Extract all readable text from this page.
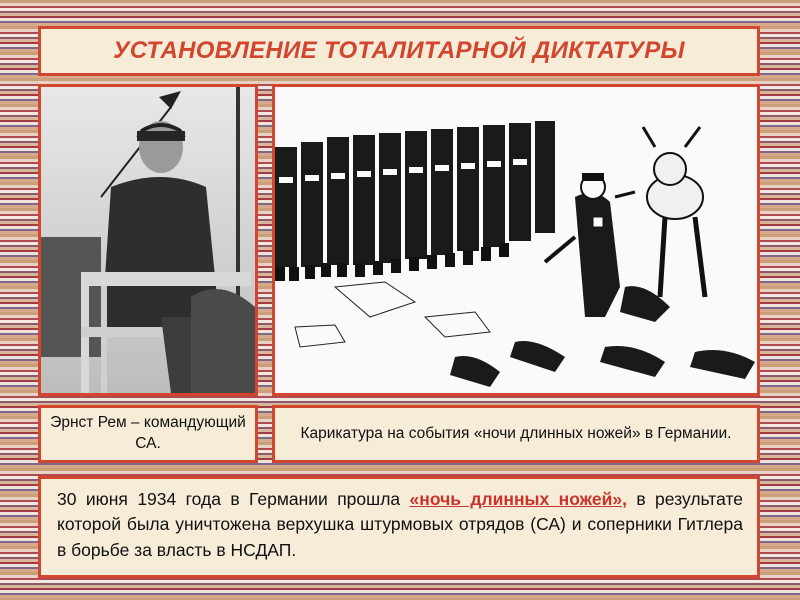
УСТАНОВЛЕНИЕ ТОТАЛИТАРНОЙ ДИКТАТУРЫ
Эрнст Рем – командующий СА.
Карикатура на события «ночи длинных ножей» в Германии.
30 июня 1934 года в Германии прошла «ночь длинных ножей», в результате которой была уничтожена верхушка штурмовых отрядов (СА) и соперники Гитлера в борьбе за власть в НСДАП.
